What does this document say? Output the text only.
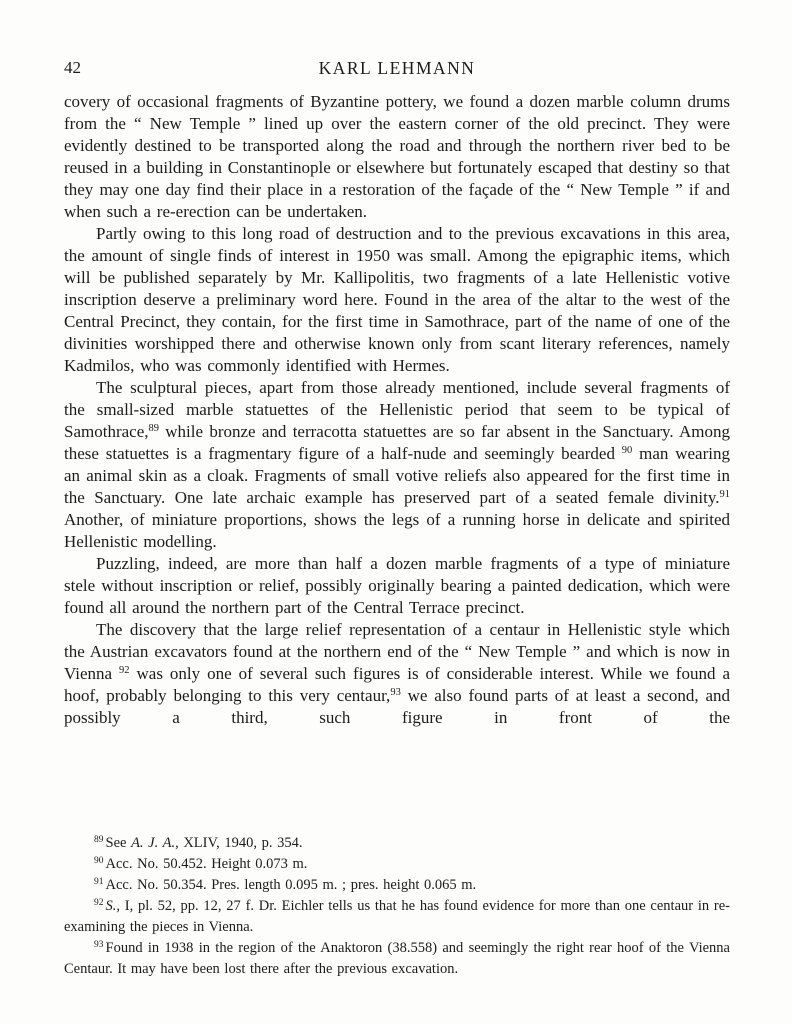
42	KARL LEHMANN

covery of occasional fragments of Byzantine pottery, we found a dozen marble column drums from the “ New Temple ” lined up over the eastern corner of the old precinct. They were evidently destined to be transported along the road and through the northern river bed to be reused in a building in Constantinople or elsewhere but fortunately escaped that destiny so that they may one day find their place in a restoration of the façade of the “ New Temple ” if and when such a re-erection can be undertaken.

Partly owing to this long road of destruction and to the previous excavations in this area, the amount of single finds of interest in 1950 was small. Among the epigraphic items, which will be published separately by Mr. Kallipolitis, two fragments of a late Hellenistic votive inscription deserve a preliminary word here. Found in the area of the altar to the west of the Central Precinct, they contain, for the first time in Samothrace, part of the name of one of the divinities worshipped there and otherwise known only from scant literary references, namely Kadmilos, who was commonly identified with Hermes.

The sculptural pieces, apart from those already mentioned, include several fragments of the small-sized marble statuettes of the Hellenistic period that seem to be typical of Samothrace,$^{89}$ while bronze and terracotta statuettes are so far absent in the Sanctuary. Among these statuettes is a fragmentary figure of a half-nude and seemingly bearded $^{90}$ man wearing an animal skin as a cloak. Fragments of small votive reliefs also appeared for the first time in the Sanctuary. One late archaic example has preserved part of a seated female divinity.$^{91}$ Another, of miniature proportions, shows the legs of a running horse in delicate and spirited Hellenistic modelling.

Puzzling, indeed, are more than half a dozen marble fragments of a type of miniature stele without inscription or relief, possibly originally bearing a painted dedication, which were found all around the northern part of the Central Terrace precinct.

The discovery that the large relief representation of a centaur in Hellenistic style which the Austrian excavators found at the northern end of the “ New Temple ” and which is now in Vienna $^{92}$ was only one of several such figures is of considerable interest. While we found a hoof, probably belonging to this very centaur,$^{93}$ we also found parts of at least a second, and possibly a third, such figure in front of the

$^{89}$ See A. J. A., XLIV, 1940, p. 354.

$^{90}$ Acc. No. 50.452. Height 0.073 m.

$^{91}$ Acc. No. 50.354. Pres. length 0.095 m. ; pres. height 0.065 m.

$^{92}$ S., I, pl. 52, pp. 12, 27 f. Dr. Eichler tells us that he has found evidence for more than one centaur in re-examining the pieces in Vienna.

$^{93}$ Found in 1938 in the region of the Anaktoron (38.558) and seemingly the right rear hoof of the Vienna Centaur. It may have been lost there after the previous excavation.
